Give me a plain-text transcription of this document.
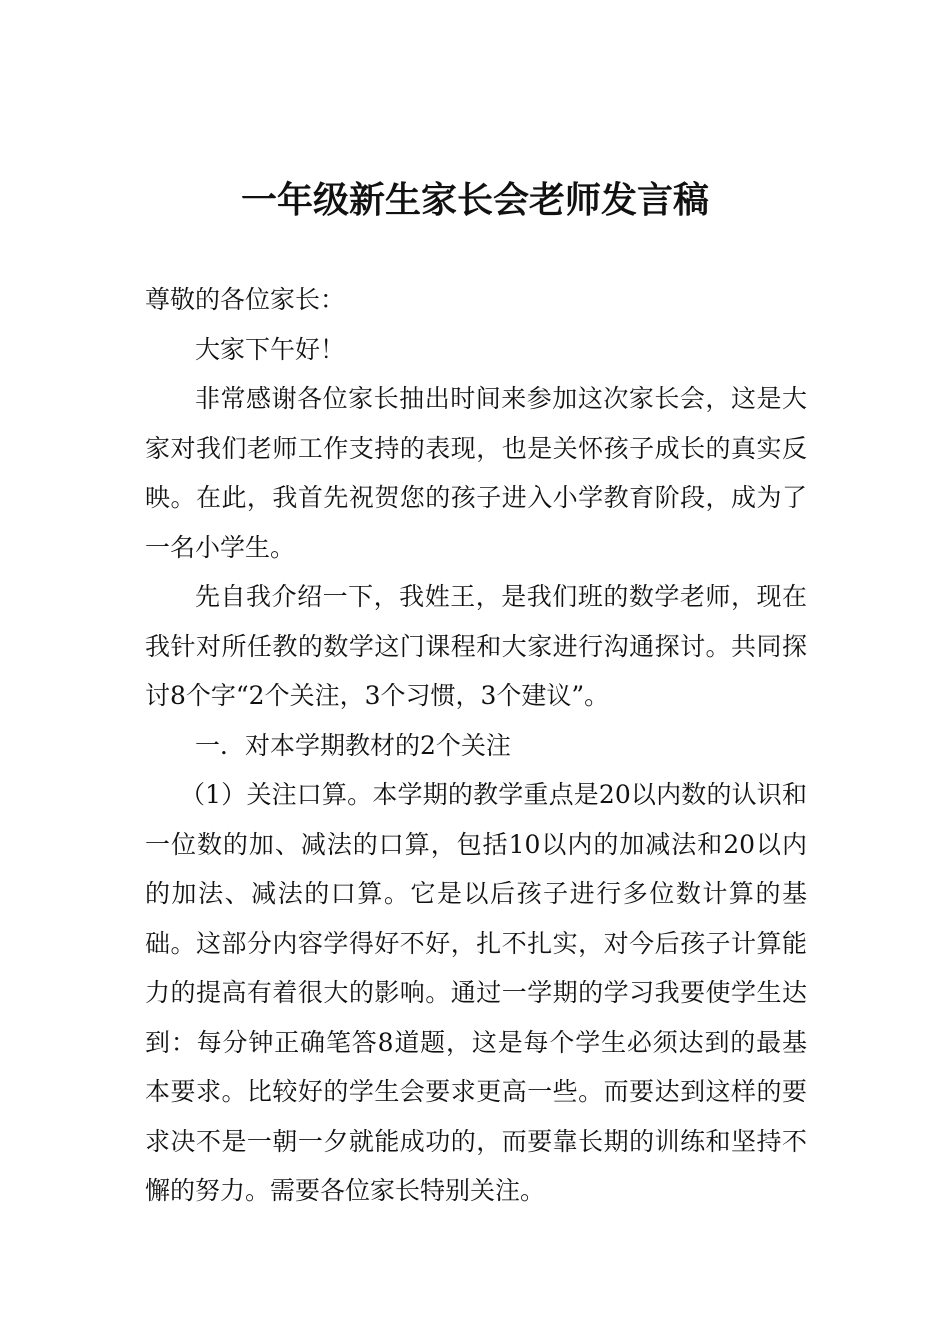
一年级新生家长会老师发言稿

尊敬的各位家长：

大家下午好！

非常感谢各位家长抽出时间来参加这次家长会，这是大家对我们老师工作支持的表现，也是关怀孩子成长的真实反映。在此，我首先祝贺您的孩子进入小学教育阶段，成为了一名小学生。

先自我介绍一下，我姓王，是我们班的数学老师，现在我针对所任教的数学这门课程和大家进行沟通探讨。共同探讨8个字“2个关注，3个习惯，3个建议”。

一．对本学期教材的2个关注

（1）关注口算。本学期的教学重点是20以内数的认识和一位数的加、减法的口算，包括10以内的加减法和20以内的加法、减法的口算。它是以后孩子进行多位数计算的基础。这部分内容学得好不好，扎不扎实，对今后孩子计算能力的提高有着很大的影响。通过一学期的学习我要使学生达到：每分钟正确笔答8道题，这是每个学生必须达到的最基本要求。比较好的学生会要求更高一些。而要达到这样的要求决不是一朝一夕就能成功的，而要靠长期的训练和坚持不懈的努力。需要各位家长特别关注。
